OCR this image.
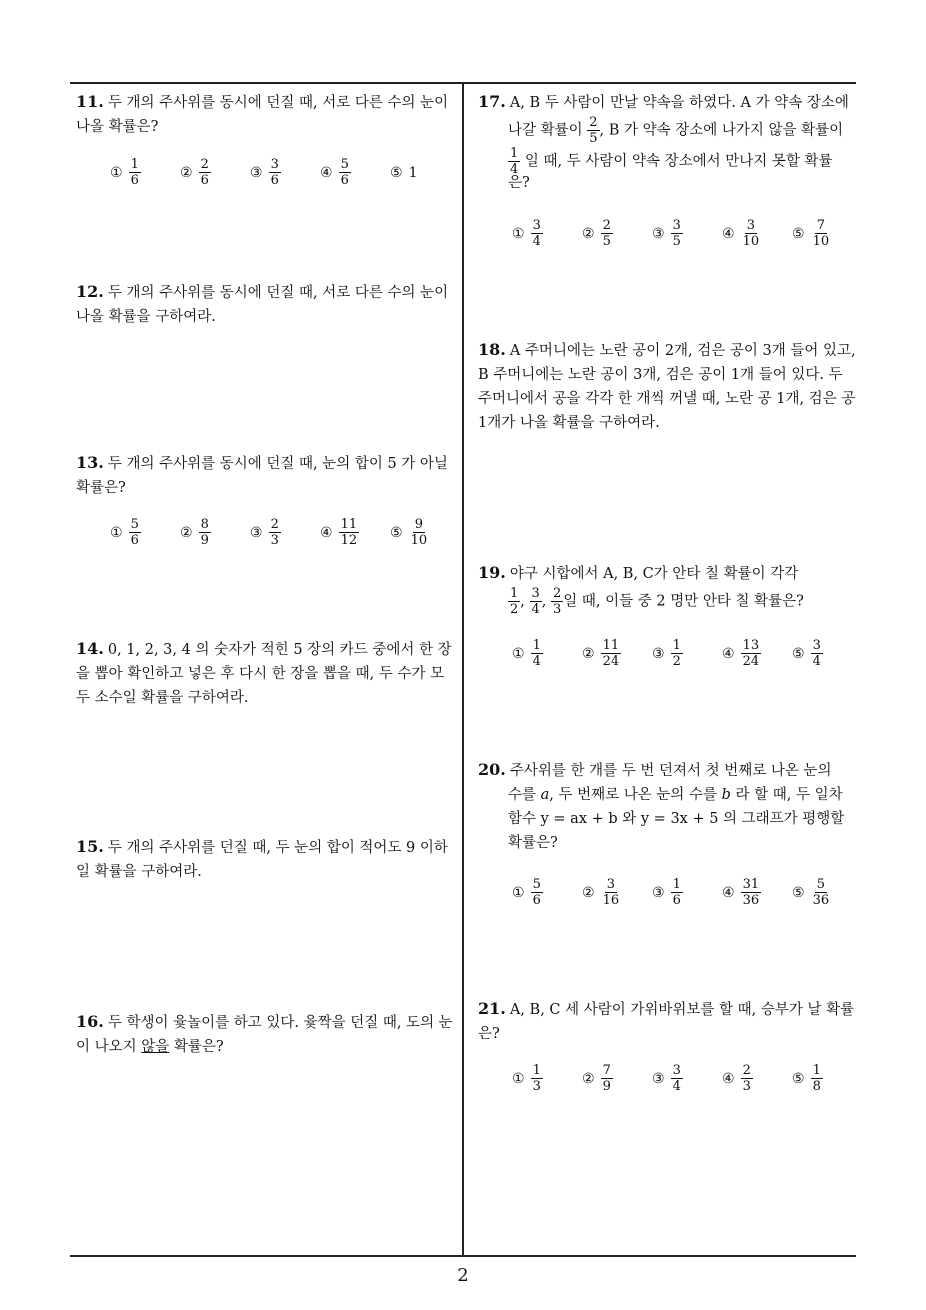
11. 두 개의 주사위를 동시에 던질 때, 서로 다른 수의 눈이 나올 확률은?
① $\frac{1}{6}$	② $\frac{2}{6}$	③ $\frac{3}{6}$	④ $\frac{5}{6}$	⑤ 1
12. 두 개의 주사위를 동시에 던질 때, 서로 다른 수의 눈이 나올 확률을 구하여라.
13. 두 개의 주사위를 동시에 던질 때, 눈의 합이 5 가 아닐 확률은?
① $\frac{5}{6}$	② $\frac{8}{9}$	③ $\frac{2}{3}$	④ $\frac{11}{12}$ ⑤ $\frac{9}{10}$
14. 0, 1, 2, 3, 4 의 숫자가 적힌 5 장의 카드 중에서 한 장을 뽑아 확인하고 넣은 후 다시 한 장을 뽑을 때, 두 수가 모두 소수일 확률을 구하여라.
15. 두 개의 주사위를 던질 때, 두 눈의 합이 적어도 9 이하일 확률을 구하여라.
16. 두 학생이 윷놀이를 하고 있다. 윷짝을 던질 때, 도의 눈이 나오지 않을 확률은?
17. A, B 두 사람이 만날 약속을 하였다. A 가 약속 장소에
나갈 확률이 $\frac{2}{5}$ , B 가 약속 장소에 나가지 않을 확률이
$\frac{1}{4}$ 일 때, 두 사람이 약속 장소에서 만나지 못할 확률
은?
① $\frac{3}{4}$	② $\frac{2}{5}$	③ $\frac{3}{5}$	④ $\frac{3}{10}$ ⑤ $\frac{7}{10}$
18. A 주머니에는 노란 공이 2개, 검은 공이 3개 들어 있고, B 주머니에는 노란 공이 3개, 검은 공이 1개 들어 있다. 두 주머니에서 공을 각각 한 개씩 꺼낼 때, 노란 공 1개, 검은 공 1개가 나올 확률을 구하여라.
19. 야구 시합에서 A, B, C가 안타 칠 확률이 각각
$\frac{1}{2}$ , $\frac{3}{4}$ , $\frac{2}{3}$ 일 때, 이들 중 2 명만 안타 칠 확률은?
① $\frac{1}{4}$	② $\frac{11}{24}$ ③ $\frac{1}{2}$	④ $\frac{13}{24}$ ⑤ $\frac{3}{4}$
20. 주사위를 한 개를 두 번 던져서 첫 번째로 나온 눈의
수를 a, 두 번째로 나온 눈의 수를 b 라 할 때, 두 일차
함수 y = ax + b 와 y = 3x + 5 의 그래프가 평행할
확률은?
① $\frac{5}{6}$	② $\frac{3}{16}$ ③ $\frac{1}{6}$	④ $\frac{31}{36}$ ⑤ $\frac{5}{36}$
21. A, B, C 세 사람이 가위바위보를 할 때, 승부가 날 확률은?
① $\frac{1}{3}$	② $\frac{7}{9}$	③ $\frac{3}{4}$	④ $\frac{2}{3}$	⑤ $\frac{1}{8}$
2
